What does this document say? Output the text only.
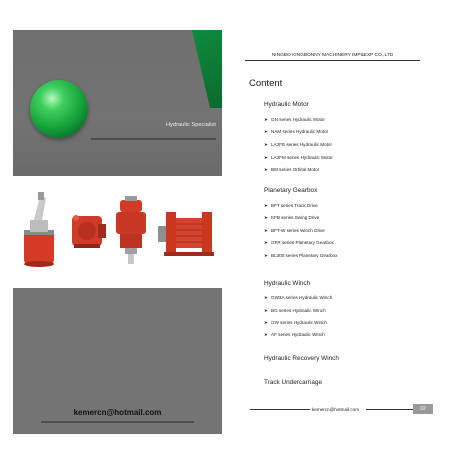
Hydraulic Specialist
kemercn@hotmail.com
NINGBO KINGBONNY MACHINERY IMP&EXP CO.,LTD
Content
Hydraulic Motor
➤ GN series Hydraulic Motor
➤ NAM series Hydraulic Motor
➤ LA2FE series Hydraulic Motor
➤ LA2FM series Hydraulic Motor
➤ BM series Orbital Motor
Planetary Gearbox
➤ BFT series Track Drive
➤ KFB series Swing Drive
➤ BFT-W series Winch Drive
➤ GFR series Planetary Gearbox
➤ BL300 series Planetary Gearbox
Hydraulic Winch
➤ GW3A series Hydraulic Winch
➤ BG series Hydraulic Winch
➤ GW series Hydraulic Winch
➤ AF series Hydraulic Winch
Hydraulic Recovery Winch
Track Undercarriage
kemercn@hotmail.com	02
